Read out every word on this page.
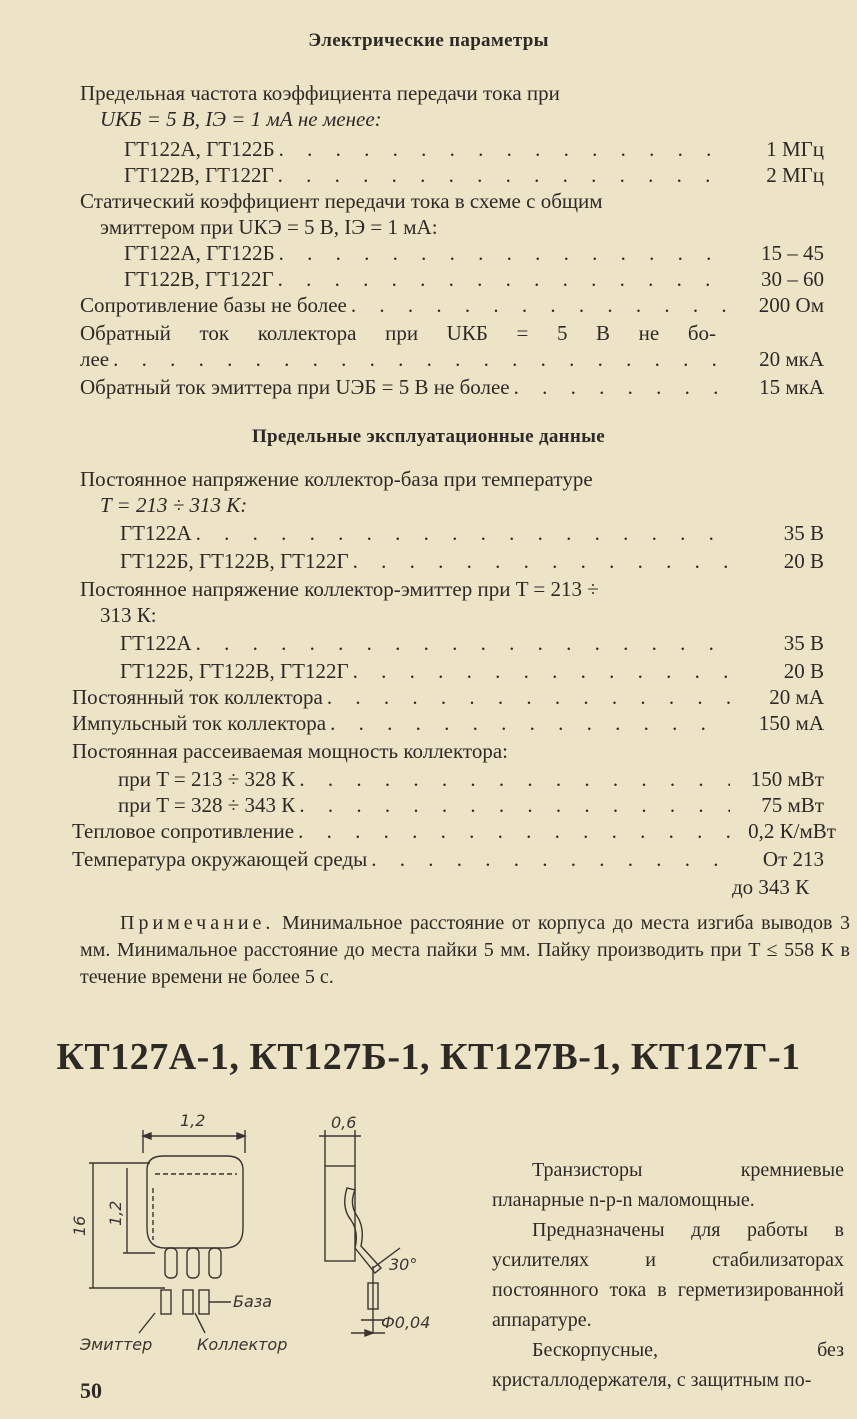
Электрические параметры
Предельная частота коэффициента передачи тока при
UКБ = 5 В, IЭ = 1 мА не менее:
ГТ122А, ГТ122Б . . .	1 МГц
ГТ122В, ГТ122Г . . .	2 МГц
Статический коэффициент передачи тока в схеме с общим
эмиттером при UКЭ = 5 В, IЭ = 1 мА:
ГТ122А, ГТ122Б . . .	15 – 45
ГТ122В, ГТ122Г . . .	30 – 60
Сопротивление базы не более . . .	200 Ом
Обратный ток коллектора при UКБ = 5 В не бо-
лее . . .	20 мкА
Обратный ток эмиттера при UЭБ = 5 В не более . . .	15 мкА
Предельные эксплуатационные данные
Постоянное напряжение коллектор-база при температуре
T = 213 ÷ 313 К:
ГТ122А . . .	35 В
ГТ122Б, ГТ122В, ГТ122Г . . .	20 В
Постоянное напряжение коллектор-эмиттер при T = 213 ÷
313 К:
ГТ122А . . .	35 В
ГТ122Б, ГТ122В, ГТ122Г . . .	20 В
Постоянный ток коллектора . . .	20 мА
Импульсный ток коллектора . . .	150 мА
Постоянная рассеиваемая мощность коллектора:
при T = 213 ÷ 328 К . . .	150 мВт
при T = 328 ÷ 343 К . . .	75 мВт
Тепловое сопротивление . . .	0,2 К/мВт
Температура окружающей среды . . .	От 213
до 343 К

Примечание. Минимальное расстояние от корпуса до места изгиба выводов 3 мм. Минимальное расстояние до места пайки 5 мм. Пайку производить при T ≤ 558 К в течение времени не более 5 с.

КТ127А-1, КТ127Б-1, КТ127В-1, КТ127Г-1
1,2
16 1,2
0,6
30°
Ф0,04
База
Эмиттер	Коллектор

Транзисторы кремниевые планарные n-p-n маломощные.

Предназначены для работы в усилителях и стабилизаторах постоянного тока в герметизированной аппаратуре.

Бескорпусные, без кристаллодержателя, с защитным по-

50
